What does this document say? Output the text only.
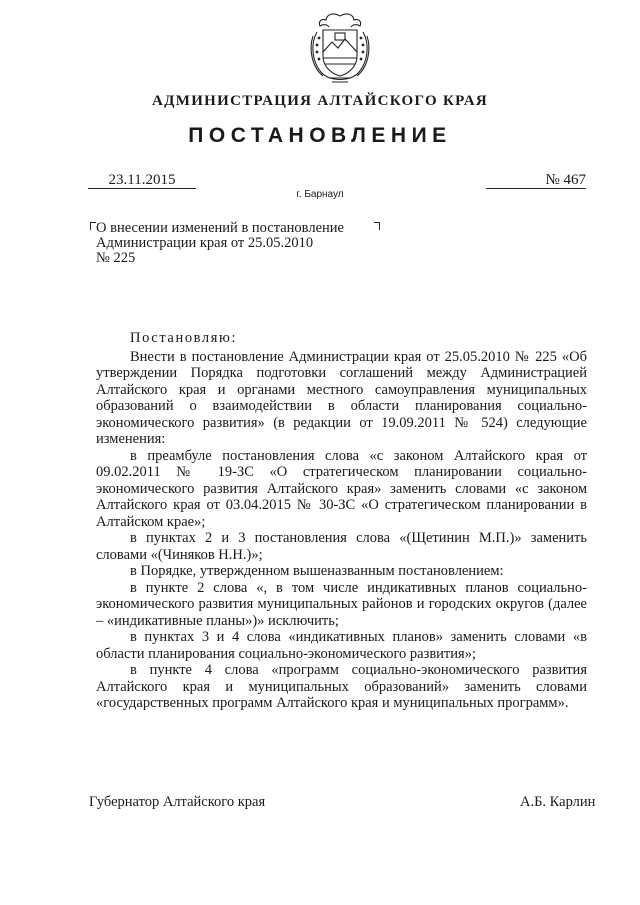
АДМИНИСТРАЦИЯ АЛТАЙСКОГО КРАЯ
ПОСТАНОВЛЕНИЕ
23.11.2015	№ 467
г. Барнаул

О внесении изменений в постановление

Администрации края от 25.05.2010

№ 225

Постановляю:

Внести в постановление Администрации края от 25.05.2010 № 225 «Об утверждении Порядка подготовки соглашений между Администрацией Алтайского края и органами местного самоуправления муниципальных образований о взаимодействии в области планирования социально-экономического развития» (в редакции от 19.09.2011 № 524) следующие изменения:

в преамбуле постановления слова «с законом Алтайского края от 09.02.2011 № 19-ЗС «О стратегическом планировании социально-экономического развития Алтайского края» заменить словами «с законом Алтайского края от 03.04.2015 № 30-ЗС «О стратегическом планировании в Алтайском крае»;

в пунктах 2 и 3 постановления слова «(Щетинин М.П.)» заменить словами «(Чиняков Н.Н.)»;

в Порядке, утвержденном вышеназванным постановлением:

в пункте 2 слова «, в том числе индикативных планов социально-экономического развития муниципальных районов и городских округов (далее – «индикативные планы»)» исключить;

в пунктах 3 и 4 слова «индикативных планов» заменить словами «в области планирования социально-экономического развития»;

в пункте 4 слова «программ социально-экономического развития Алтайского края и муниципальных образований» заменить словами «государственных программ Алтайского края и муниципальных программ».

Губернатор Алтайского края	А.Б. Карлин
